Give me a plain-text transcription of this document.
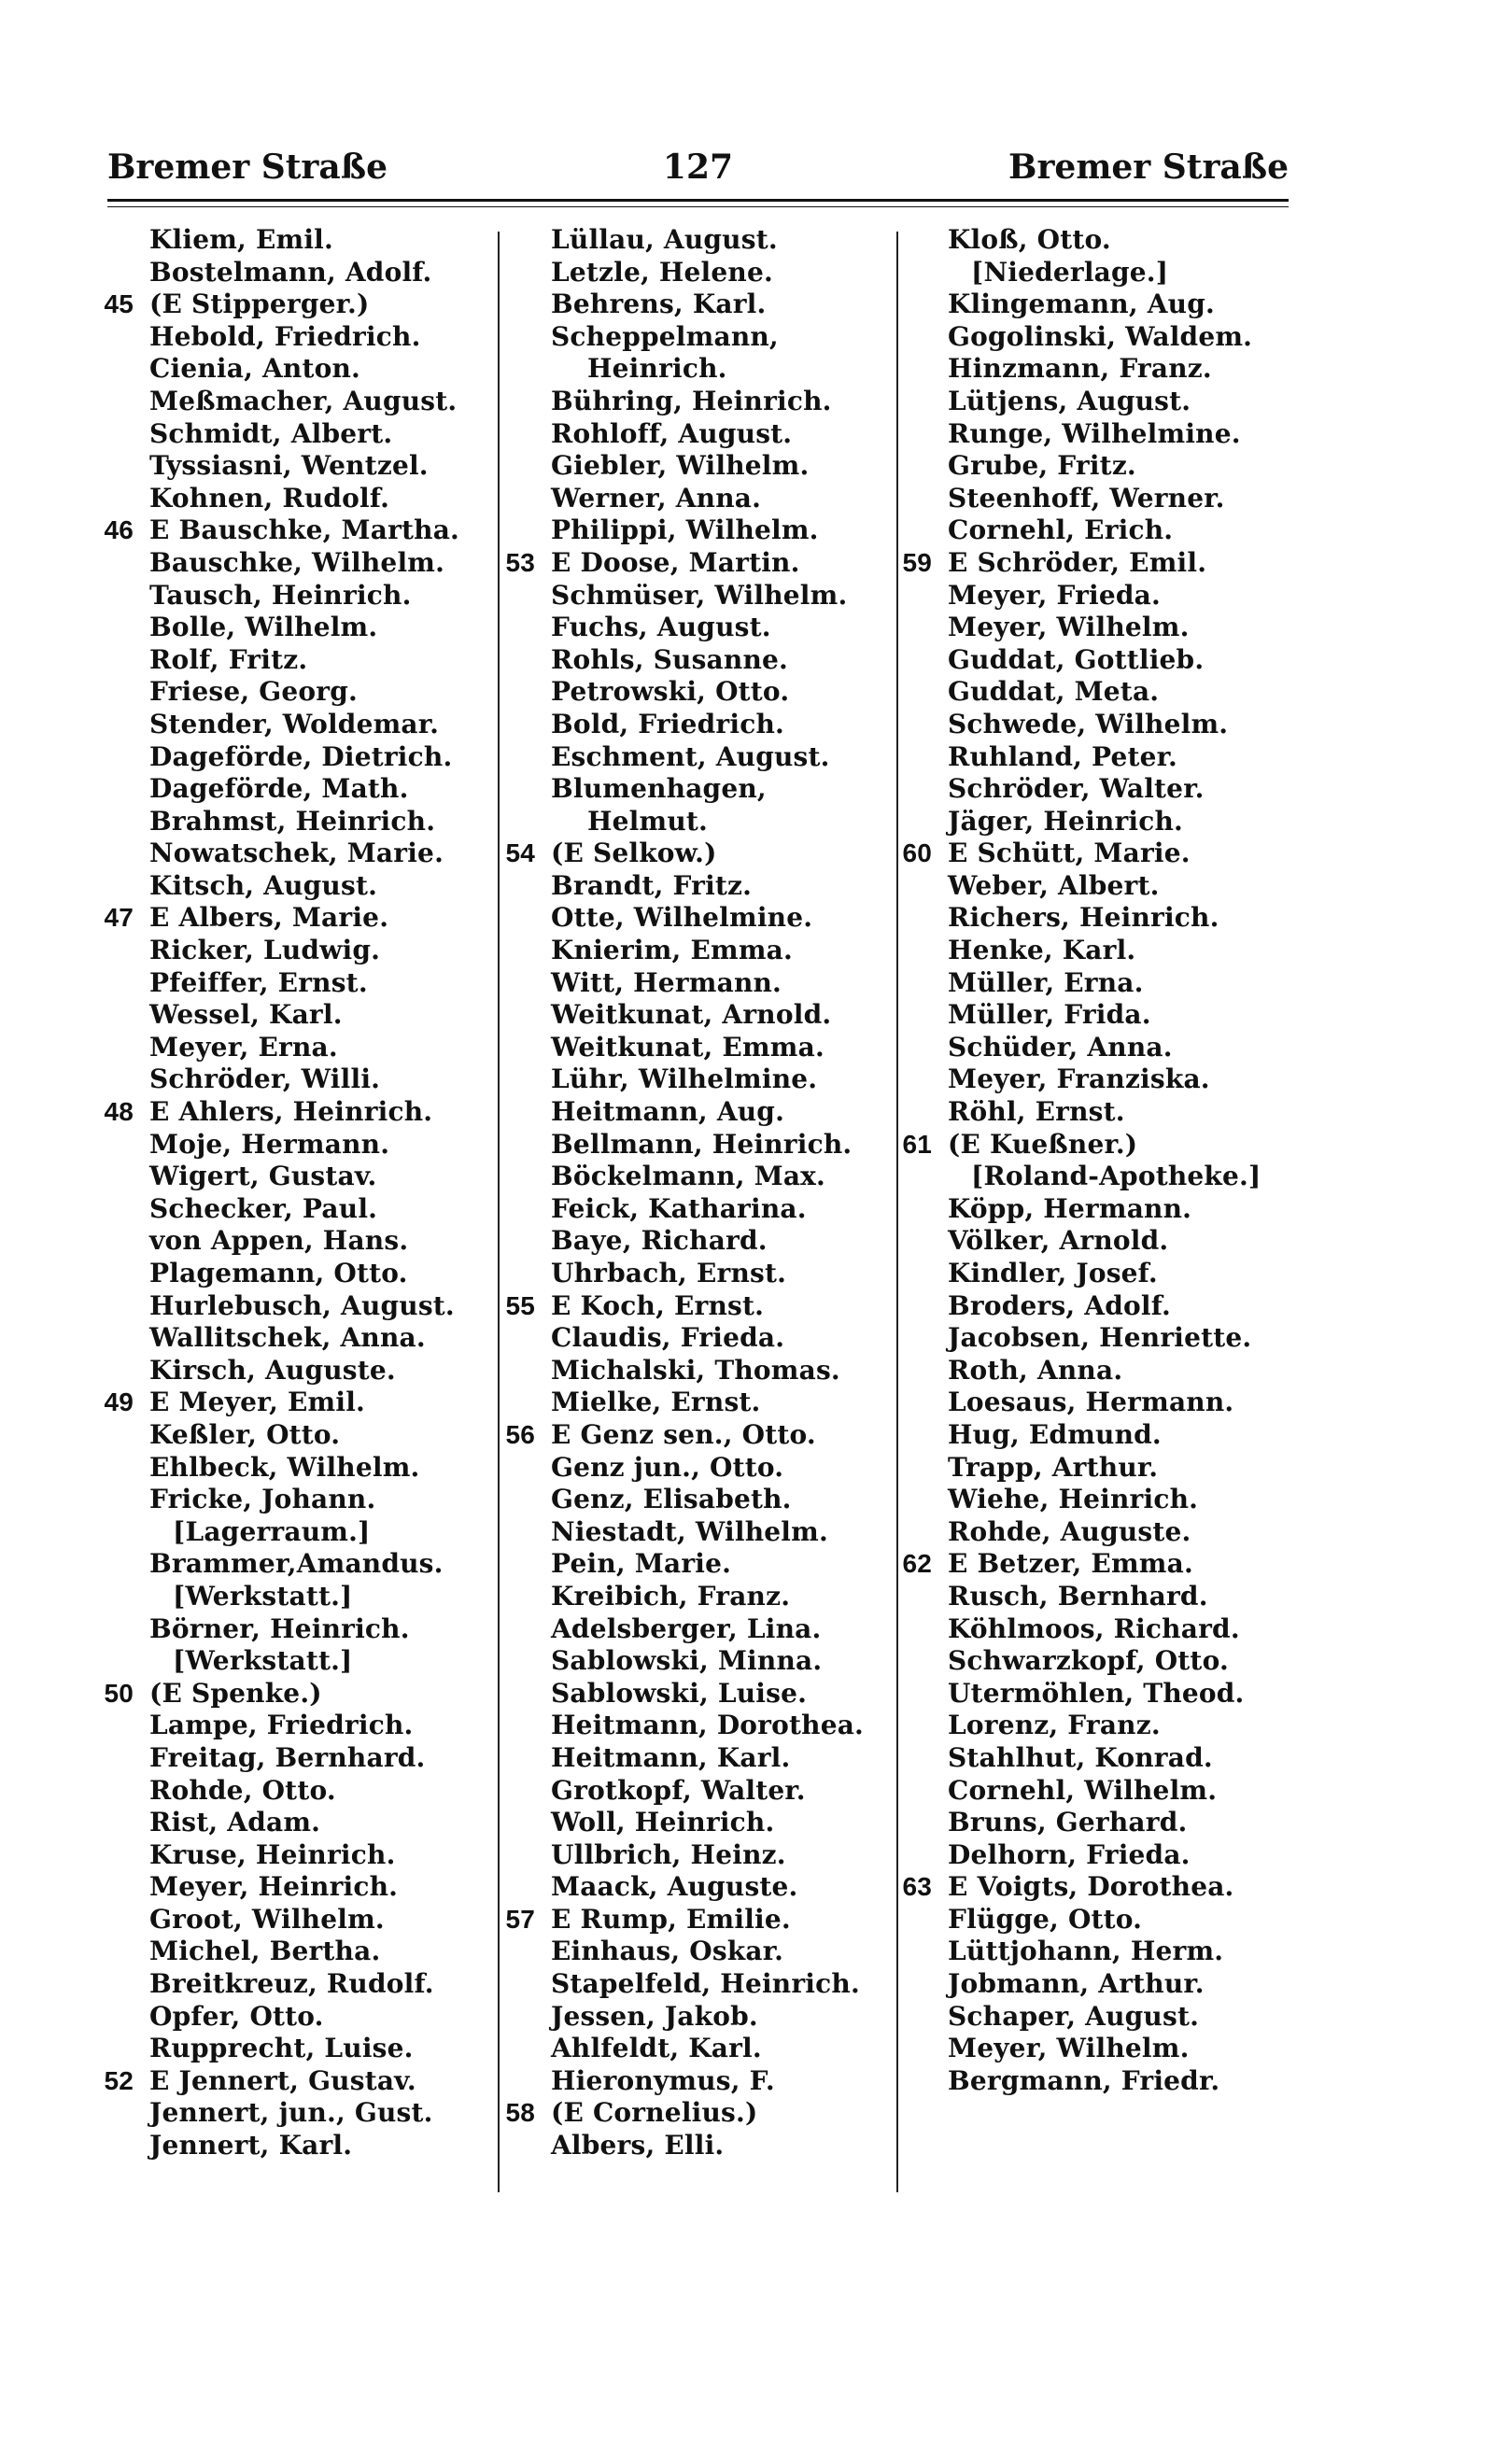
Bremer Straße	127	Bremer Straße
Kliem, Emil.
Bostelmann, Adolf.
45 (E Stipperger.)
Hebold, Friedrich.
Cienia, Anton.
Meßmacher, August.
Schmidt, Albert.
Tyssiasni, Wentzel.
Kohnen, Rudolf.
46 E Bauschke, Martha.
Bauschke, Wilhelm.
Tausch, Heinrich.
Bolle, Wilhelm.
Rolf, Fritz.
Friese, Georg.
Stender, Woldemar.
Dageförde, Dietrich.
Dageförde, Math.
Brahmst, Heinrich.
Nowatschek, Marie.
Kitsch, August.
47 E Albers, Marie.
Ricker, Ludwig.
Pfeiffer, Ernst.
Wessel, Karl.
Meyer, Erna.
Schröder, Willi.
48 E Ahlers, Heinrich.
Moje, Hermann.
Wigert, Gustav.
Schecker, Paul.
von Appen, Hans.
Plagemann, Otto.
Hurlebusch, August.
Wallitschek, Anna.
Kirsch, Auguste.
49 E Meyer, Emil.
Keßler, Otto.
Ehlbeck, Wilhelm.
Fricke, Johann.
[Lagerraum.]
Brammer,Amandus.
[Werkstatt.]
Börner, Heinrich.
[Werkstatt.]
50 (E Spenke.)
Lampe, Friedrich.
Freitag, Bernhard.
Rohde, Otto.
Rist, Adam.
Kruse, Heinrich.
Meyer, Heinrich.
Groot, Wilhelm.
Michel, Bertha.
Breitkreuz, Rudolf.
Opfer, Otto.
Rupprecht, Luise.
52 E Jennert, Gustav.
Jennert, jun., Gust.
Jennert, Karl.
Lüllau, August.
Letzle, Helene.
Behrens, Karl.
Scheppelmann,
Heinrich.
Bühring, Heinrich.
Rohloff, August.
Giebler, Wilhelm.
Werner, Anna.
Philippi, Wilhelm.
53 E Doose, Martin.
Schmüser, Wilhelm.
Fuchs, August.
Rohls, Susanne.
Petrowski, Otto.
Bold, Friedrich.
Eschment, August.
Blumenhagen,
Helmut.
54 (E Selkow.)
Brandt, Fritz.
Otte, Wilhelmine.
Knierim, Emma.
Witt, Hermann.
Weitkunat, Arnold.
Weitkunat, Emma.
Lühr, Wilhelmine.
Heitmann, Aug.
Bellmann, Heinrich.
Böckelmann, Max.
Feick, Katharina.
Baye, Richard.
Uhrbach, Ernst.
55 E Koch, Ernst.
Claudis, Frieda.
Michalski, Thomas.
Mielke, Ernst.
56 E Genz sen., Otto.
Genz jun., Otto.
Genz, Elisabeth.
Niestadt, Wilhelm.
Pein, Marie.
Kreibich, Franz.
Adelsberger, Lina.
Sablowski, Minna.
Sablowski, Luise.
Heitmann, Dorothea.
Heitmann, Karl.
Grotkopf, Walter.
Woll, Heinrich.
Ullbrich, Heinz.
Maack, Auguste.
57 E Rump, Emilie.
Einhaus, Oskar.
Stapelfeld, Heinrich.
Jessen, Jakob.
Ahlfeldt, Karl.
Hieronymus, F.
58 (E Cornelius.)
Albers, Elli.
Kloß, Otto.
[Niederlage.]
Klingemann, Aug.
Gogolinski, Waldem.
Hinzmann, Franz.
Lütjens, August.
Runge, Wilhelmine.
Grube, Fritz.
Steenhoff, Werner.
Cornehl, Erich.
59 E Schröder, Emil.
Meyer, Frieda.
Meyer, Wilhelm.
Guddat, Gottlieb.
Guddat, Meta.
Schwede, Wilhelm.
Ruhland, Peter.
Schröder, Walter.
Jäger, Heinrich.
60 E Schütt, Marie.
Weber, Albert.
Richers, Heinrich.
Henke, Karl.
Müller, Erna.
Müller, Frida.
Schüder, Anna.
Meyer, Franziska.
Röhl, Ernst.
61 (E Kueßner.)
[Roland-Apotheke.]
Köpp, Hermann.
Völker, Arnold.
Kindler, Josef.
Broders, Adolf.
Jacobsen, Henriette.
Roth, Anna.
Loesaus, Hermann.
Hug, Edmund.
Trapp, Arthur.
Wiehe, Heinrich.
Rohde, Auguste.
62 E Betzer, Emma.
Rusch, Bernhard.
Köhlmoos, Richard.
Schwarzkopf, Otto.
Utermöhlen, Theod.
Lorenz, Franz.
Stahlhut, Konrad.
Cornehl, Wilhelm.
Bruns, Gerhard.
Delhorn, Frieda.
63 E Voigts, Dorothea.
Flügge, Otto.
Lüttjohann, Herm.
Jobmann, Arthur.
Schaper, August.
Meyer, Wilhelm.
Bergmann, Friedr.
